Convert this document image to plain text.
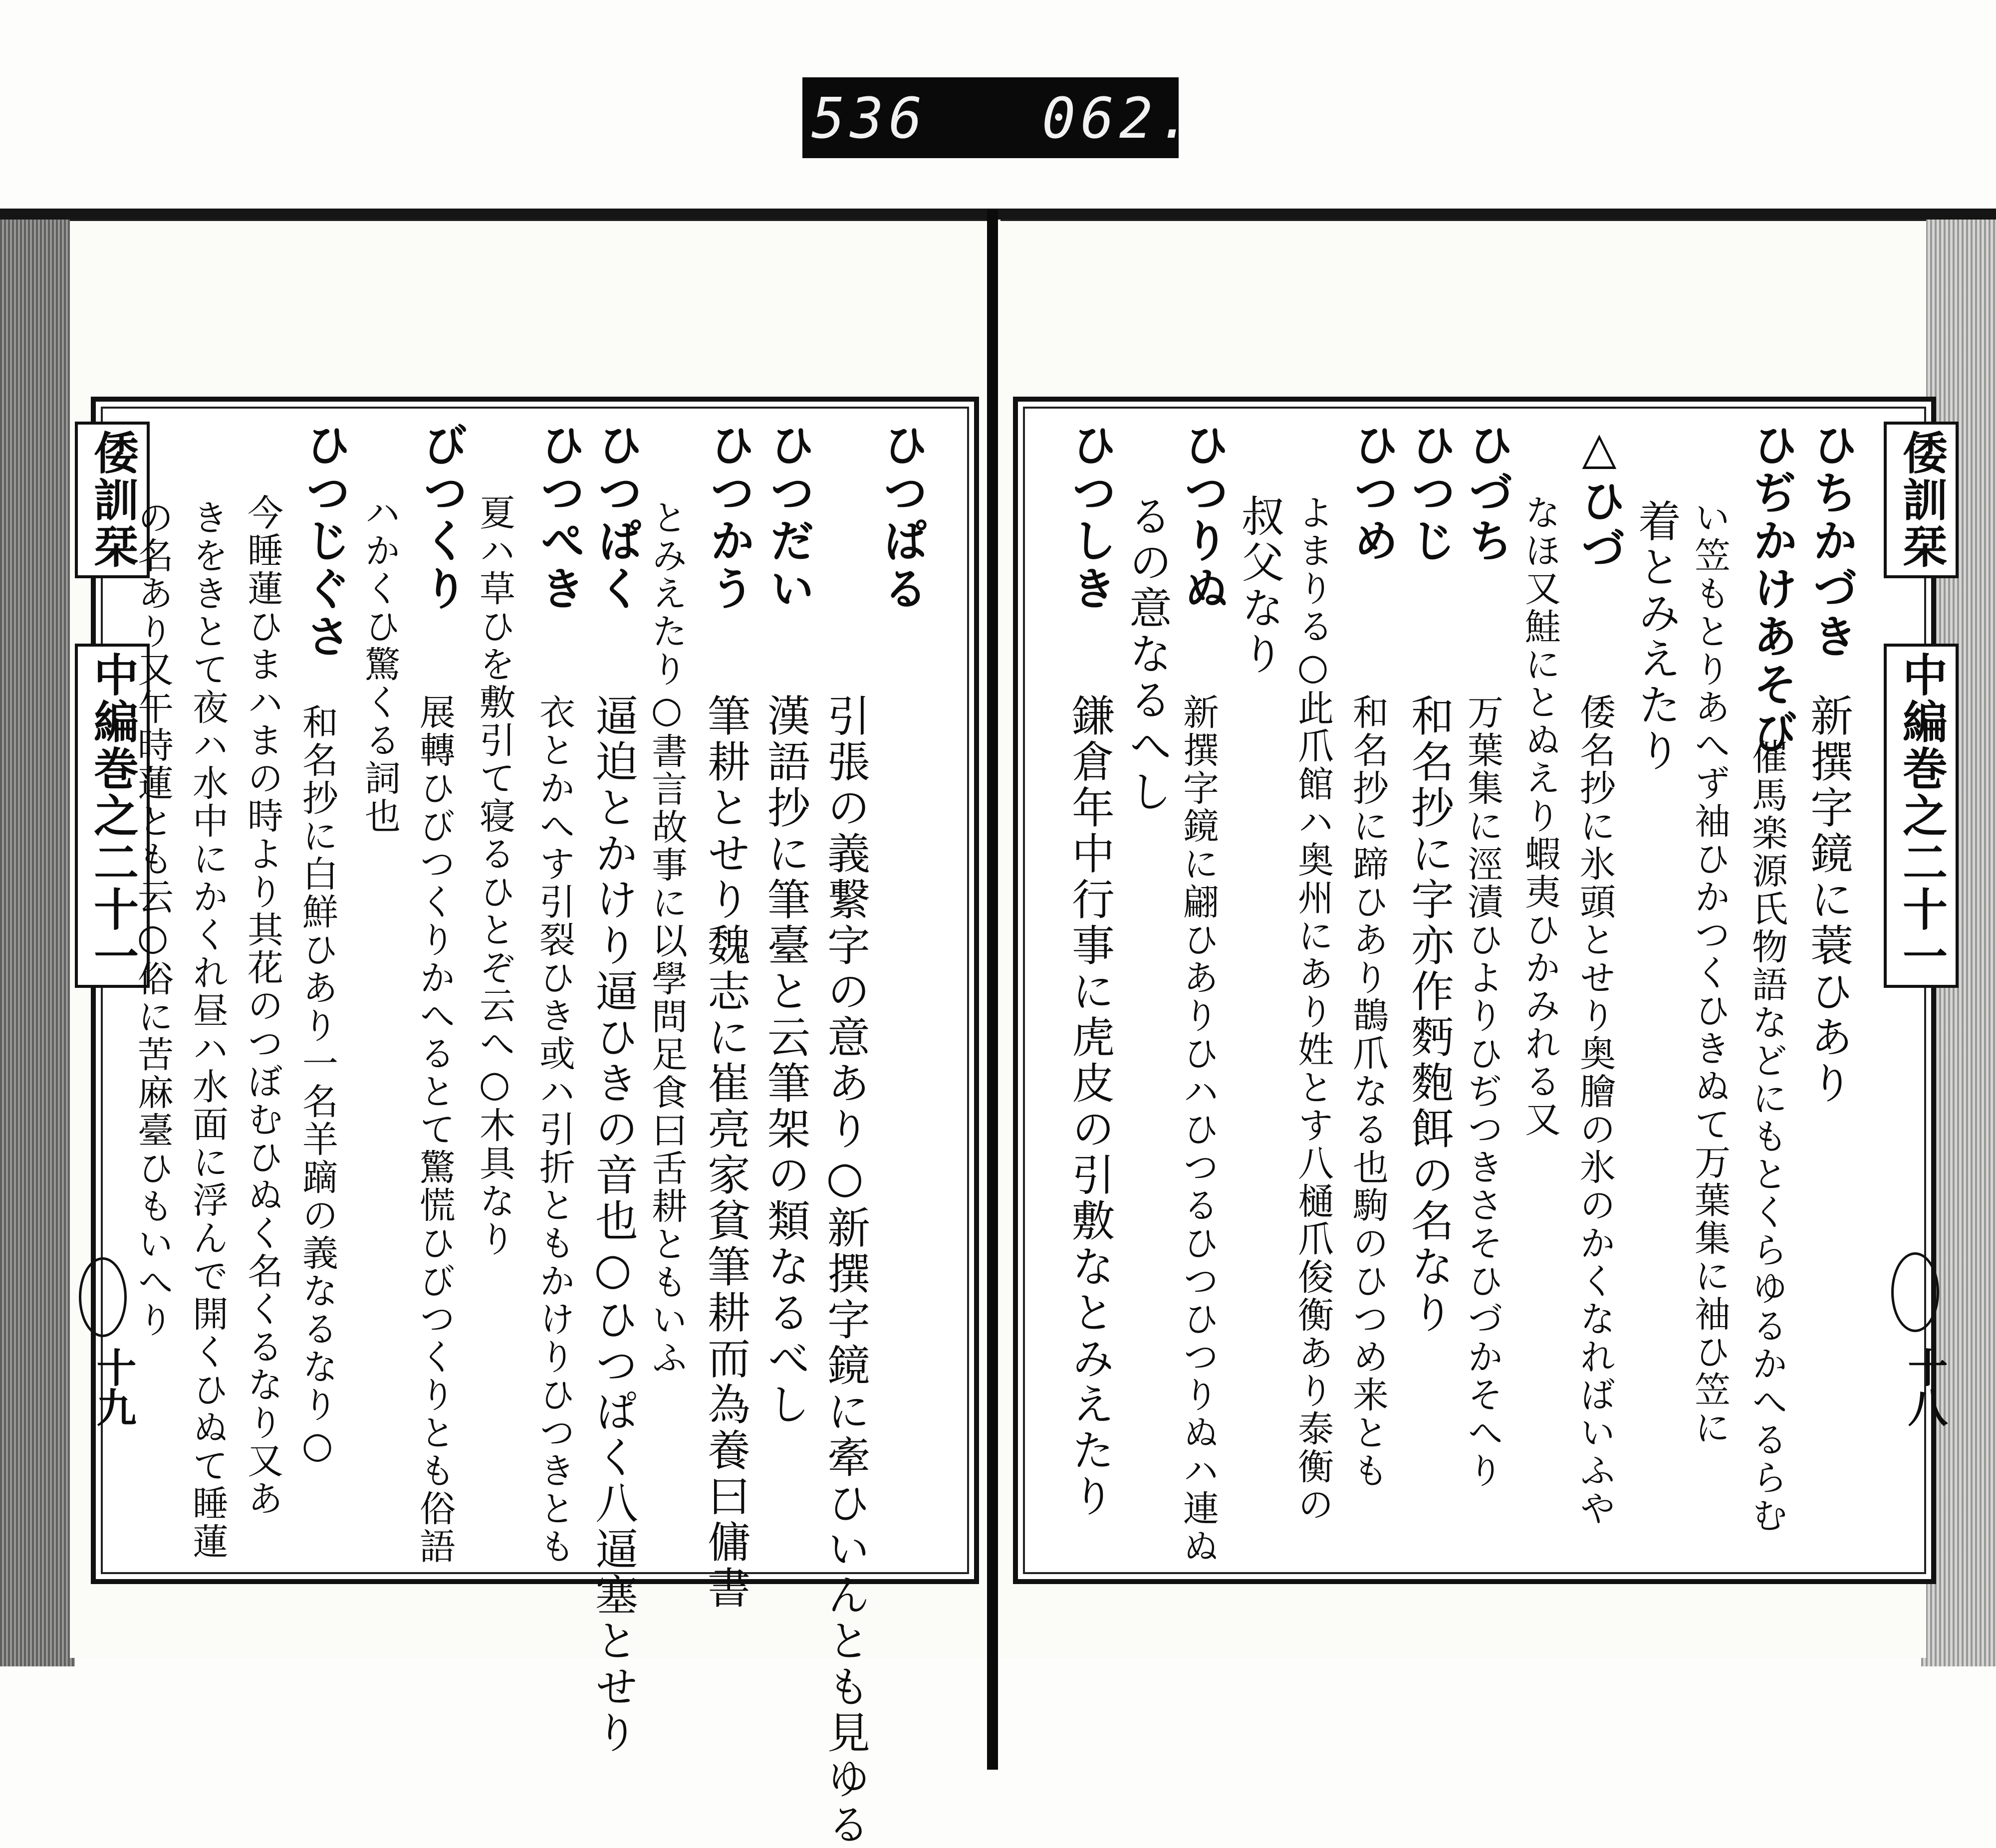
536 062.
倭訓栞
中編巻之二十一
十九
ひつぱる
引張の義繋字の意あり○新撰字鏡に牽ひいんとも見ゆる
ひつだい
漢語抄に筆臺と云筆架の類なるべし
ひつかう
筆耕とせり魏志に崔亮家貧筆耕而為養曰傭書
とみえたり○書言故事に以學問足食曰舌耕ともいふ
ひつぱく
逼迫とかけり逼ひきの音也○ひつぱく八逼塞とせり
ひつぺき
衣とかへす引裂ひき或ハ引折ともかけりひつきとも
夏ハ草ひを敷引て寝るひとぞ云へ○木具なり
びつくり
展轉ひびつくりかへるとて驚慌ひびつくりとも俗語
ハかくひ驚くる詞也
ひつじぐさ
和名抄に白鮮ひあり一名羊蹢の義なるなり○
今睡蓮ひまハまの時より其花のつぼむひぬく名くるなり又あ
きをきとて夜ハ水中にかくれ昼ハ水面に浮んで開くひぬて睡蓮
の名あり又午時蓮とも云○俗に苦麻臺ひもいへり	倭訓栞
中編巻之二十一
十八
ひちかづき
新撰字鏡に蓑ひあり
ひぢかけあそび
催馬楽源氏物語などにもとくらゆるかへるらむ
い笠もとりあへず袖ひかつくひきぬて万葉集に袖ひ笠に
着とみえたり
△ひづ
倭名抄に氷頭とせり奥膾の氷のかくなればいふや
なほ又鮭にとぬえり蝦夷ひかみれる又
ひづち
万葉集に涇漬ひよりひぢつきさそひづかそへり
ひつじ
和名抄に字亦作麪麭餌の名なり
ひつめ
和名抄に蹄ひあり鵲爪なる也駒のひつめ来とも
よまりる○此爪館ハ奥州にあり姓とす八樋爪俊衡あり泰衡の
叔父なり
ひつりぬ
新撰字鏡に翩ひありひハひつるひつひつりぬハ連ぬ
るの意なるへし
ひつしき
鎌倉年中行事に虎皮の引敷なとみえたり
